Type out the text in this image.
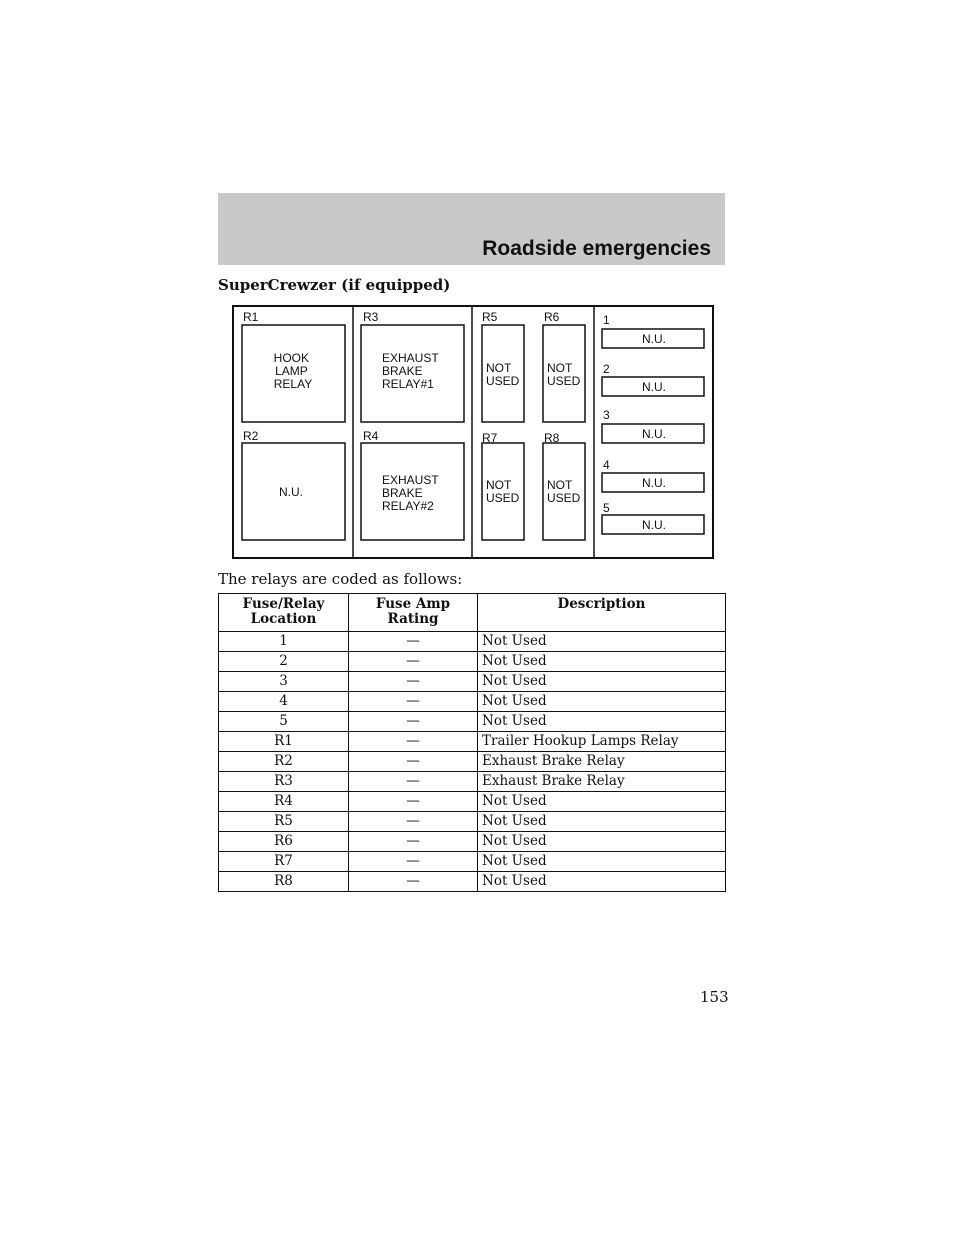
Roadside emergencies
SuperCrewzer (if equipped)
R1
HOOK LAMP RELAY
R2
N.U.
R3
EXHAUST BRAKE RELAY#1
R4
EXHAUST BRAKE RELAY#2
R5
NOT USED
R6
NOT USED
R7
NOT USED
R8
NOT USED
1
N.U.
2
N.U.
3
N.U.
4
N.U.
5
N.U.
The relays are coded as follows:
Fuse/Relay Location	Fuse Amp Rating	Description
1	—	Not Used
2	—	Not Used
3	—	Not Used
4	—	Not Used
5	—	Not Used
R1	—	Trailer Hookup Lamps Relay
R2	—	Exhaust Brake Relay
R3	—	Exhaust Brake Relay
R4	—	Not Used
R5	—	Not Used
R6	—	Not Used
R7	—	Not Used
R8	—	Not Used
153
